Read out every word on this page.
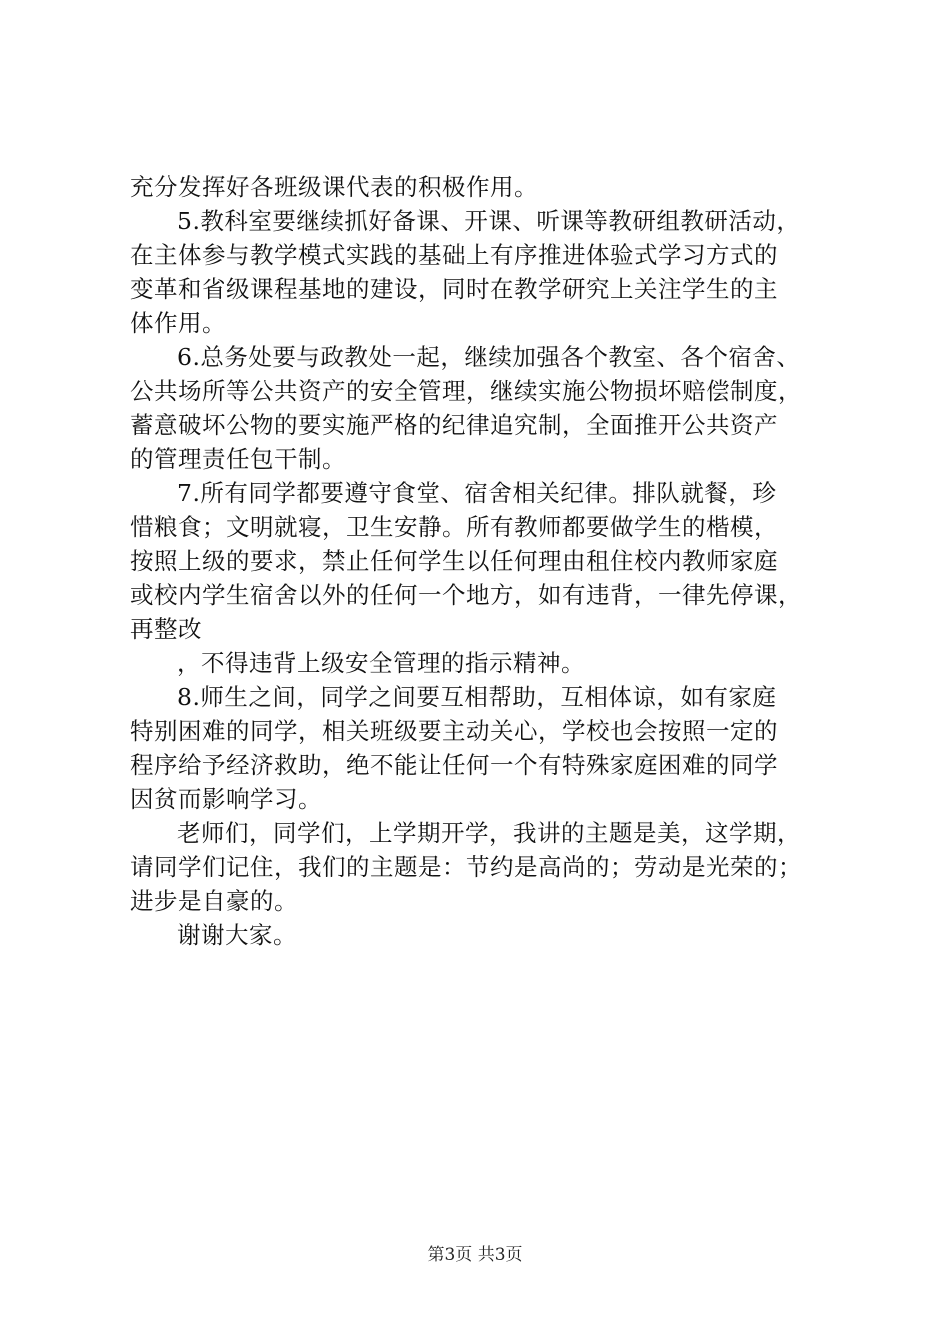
充分发挥好各班级课代表的积极作用。

5.教科室要继续抓好备课、开课、听课等教研组教研活动，
在主体参与教学模式实践的基础上有序推进体验式学习方式的
变革和省级课程基地的建设，同时在教学研究上关注学生的主
体作用。

6.总务处要与政教处一起，继续加强各个教室、各个宿舍、
公共场所等公共资产的安全管理，继续实施公物损坏赔偿制度，
蓄意破坏公物的要实施严格的纪律追究制，全面推开公共资产
的管理责任包干制。

7.所有同学都要遵守食堂、宿舍相关纪律。排队就餐，珍
惜粮食；文明就寝，卫生安静。所有教师都要做学生的楷模，
按照上级的要求，禁止任何学生以任何理由租住校内教师家庭
或校内学生宿舍以外的任何一个地方，如有违背，一律先停课，
再整改
，不得违背上级安全管理的指示精神。

8.师生之间，同学之间要互相帮助，互相体谅，如有家庭
特别困难的同学，相关班级要主动关心，学校也会按照一定的
程序给予经济救助，绝不能让任何一个有特殊家庭困难的同学
因贫而影响学习。

老师们，同学们，上学期开学，我讲的主题是美，这学期，
请同学们记住，我们的主题是：节约是高尚的；劳动是光荣的；
进步是自豪的。

谢谢大家。

第3页 共3页
